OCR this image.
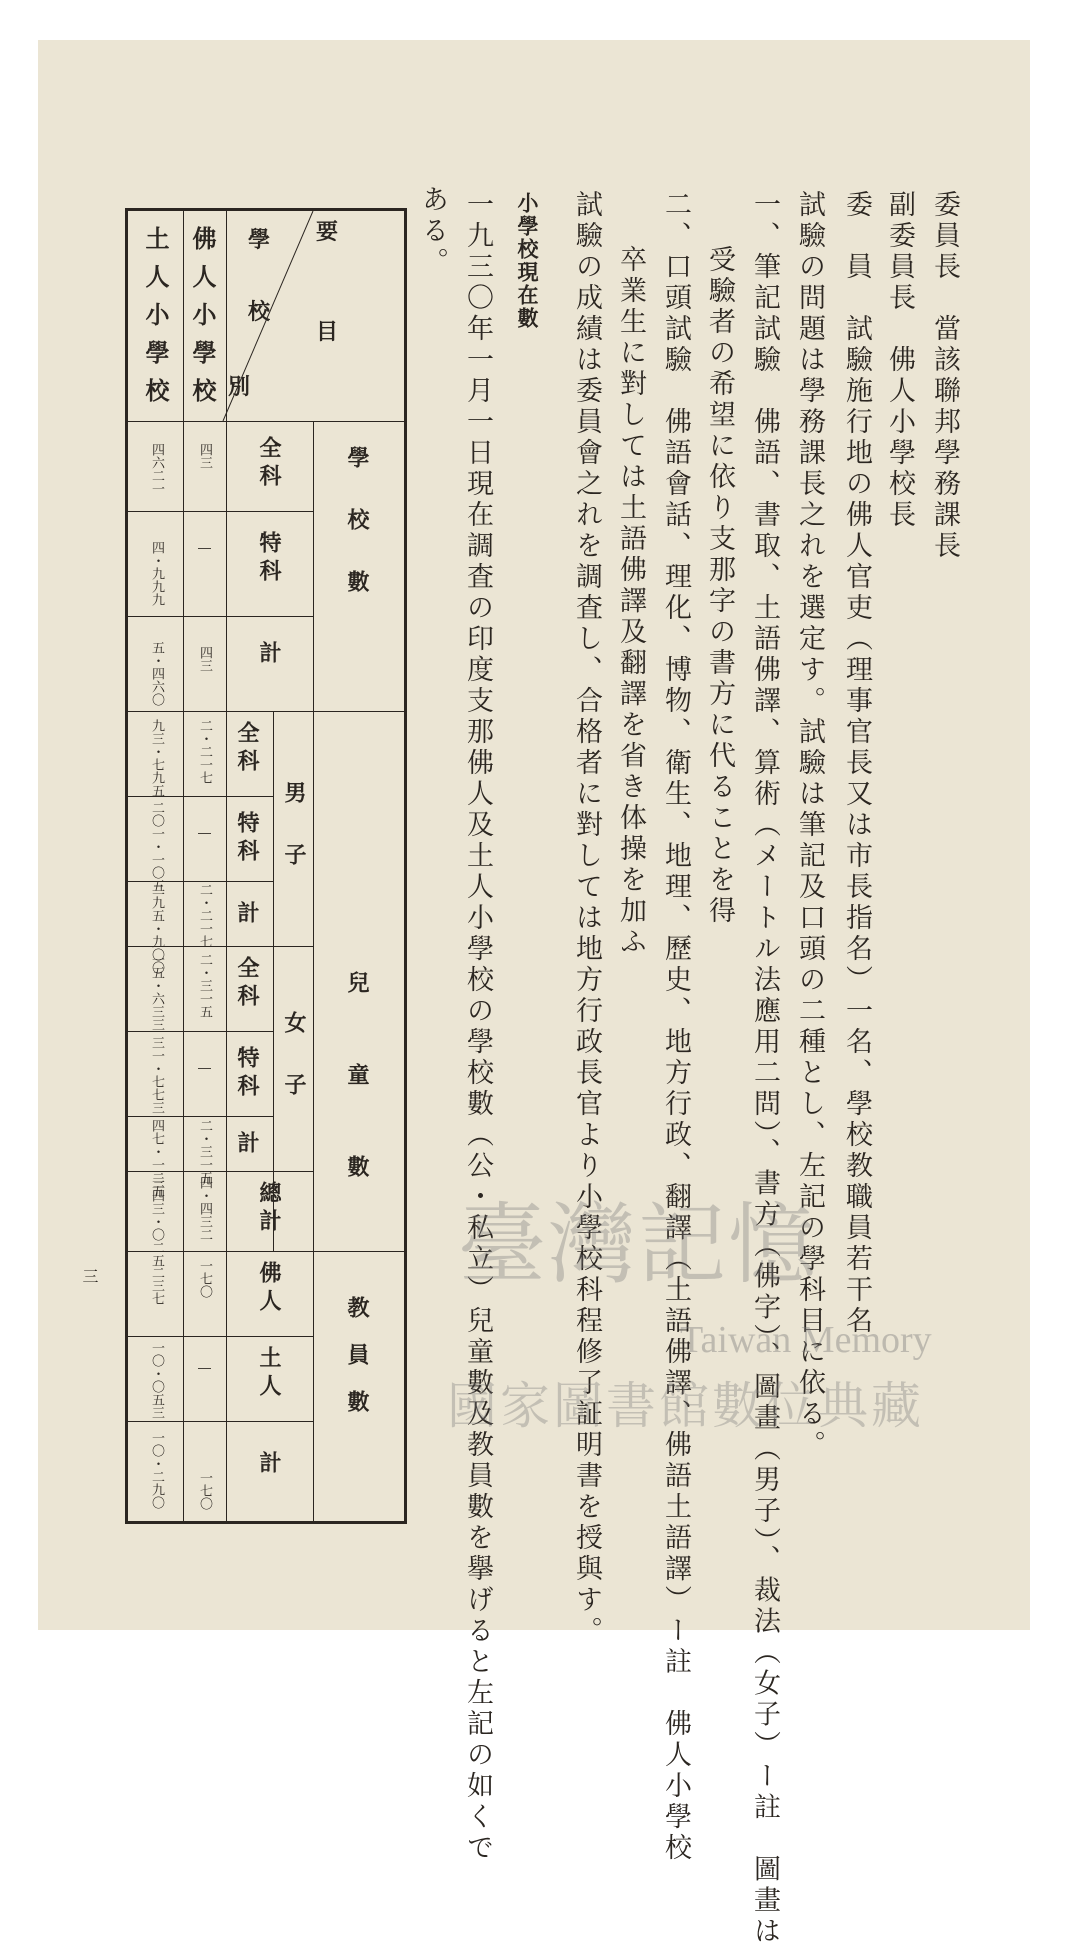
委員長　當該聯邦學務課長
副委員長　佛人小學校長
委　員　試驗施行地の佛人官吏（理事官長又は市長指名）一名、學校教職員若干名
試驗の問題は學務課長之れを選定す。試驗は筆記及口頭の二種とし、左記の學科目に依る。
一、筆記試驗　佛語、書取、土語佛譯、算術（メートル法應用二問）、書方（佛字）、圖畫（男子）、裁法（女子）ー註　圖畫は
受驗者の希望に依り支那字の書方に代ることを得
二、口頭試驗　佛語會話、理化、博物、衛生、地理、歷史、地方行政、翻譯（土語佛譯、佛語土語譯）ー註　佛人小學校
卒業生に對しては土語佛譯及翻譯を省き体操を加ふ
試驗の成績は委員會之れを調査し、合格者に對しては地方行政長官より小學校科程修了証明書を授與す。
小學校現在數
一九三〇年一月一日現在調査の印度支那佛人及土人小學校の學校數（公・私立）兒童數及教員數を擧げると左記の如くで
ある。
要
目
學
校
別
佛人小學校
土人小學校
學校數
兒童數
教員數
全科
特科
計
男子
全科
特科
計
女子
全科
特科
計
總計
佛人
土人
計
四三
―
四三
二・二一七
―
二・二一七
二・三一五
―
二・三一五
四・四三二
一七〇
―
一七〇
四六二一
四・九九九
五・四六〇
九三・七九五
二〇一・一〇五
二九五・九〇〇
一五・六三三
三一・七七三
四七・一二五
三四三・〇二五
二三七
一〇・〇五三
一〇・二九〇
三	臺灣記憶
Taiwan Memory
國家圖書館數位典藏
